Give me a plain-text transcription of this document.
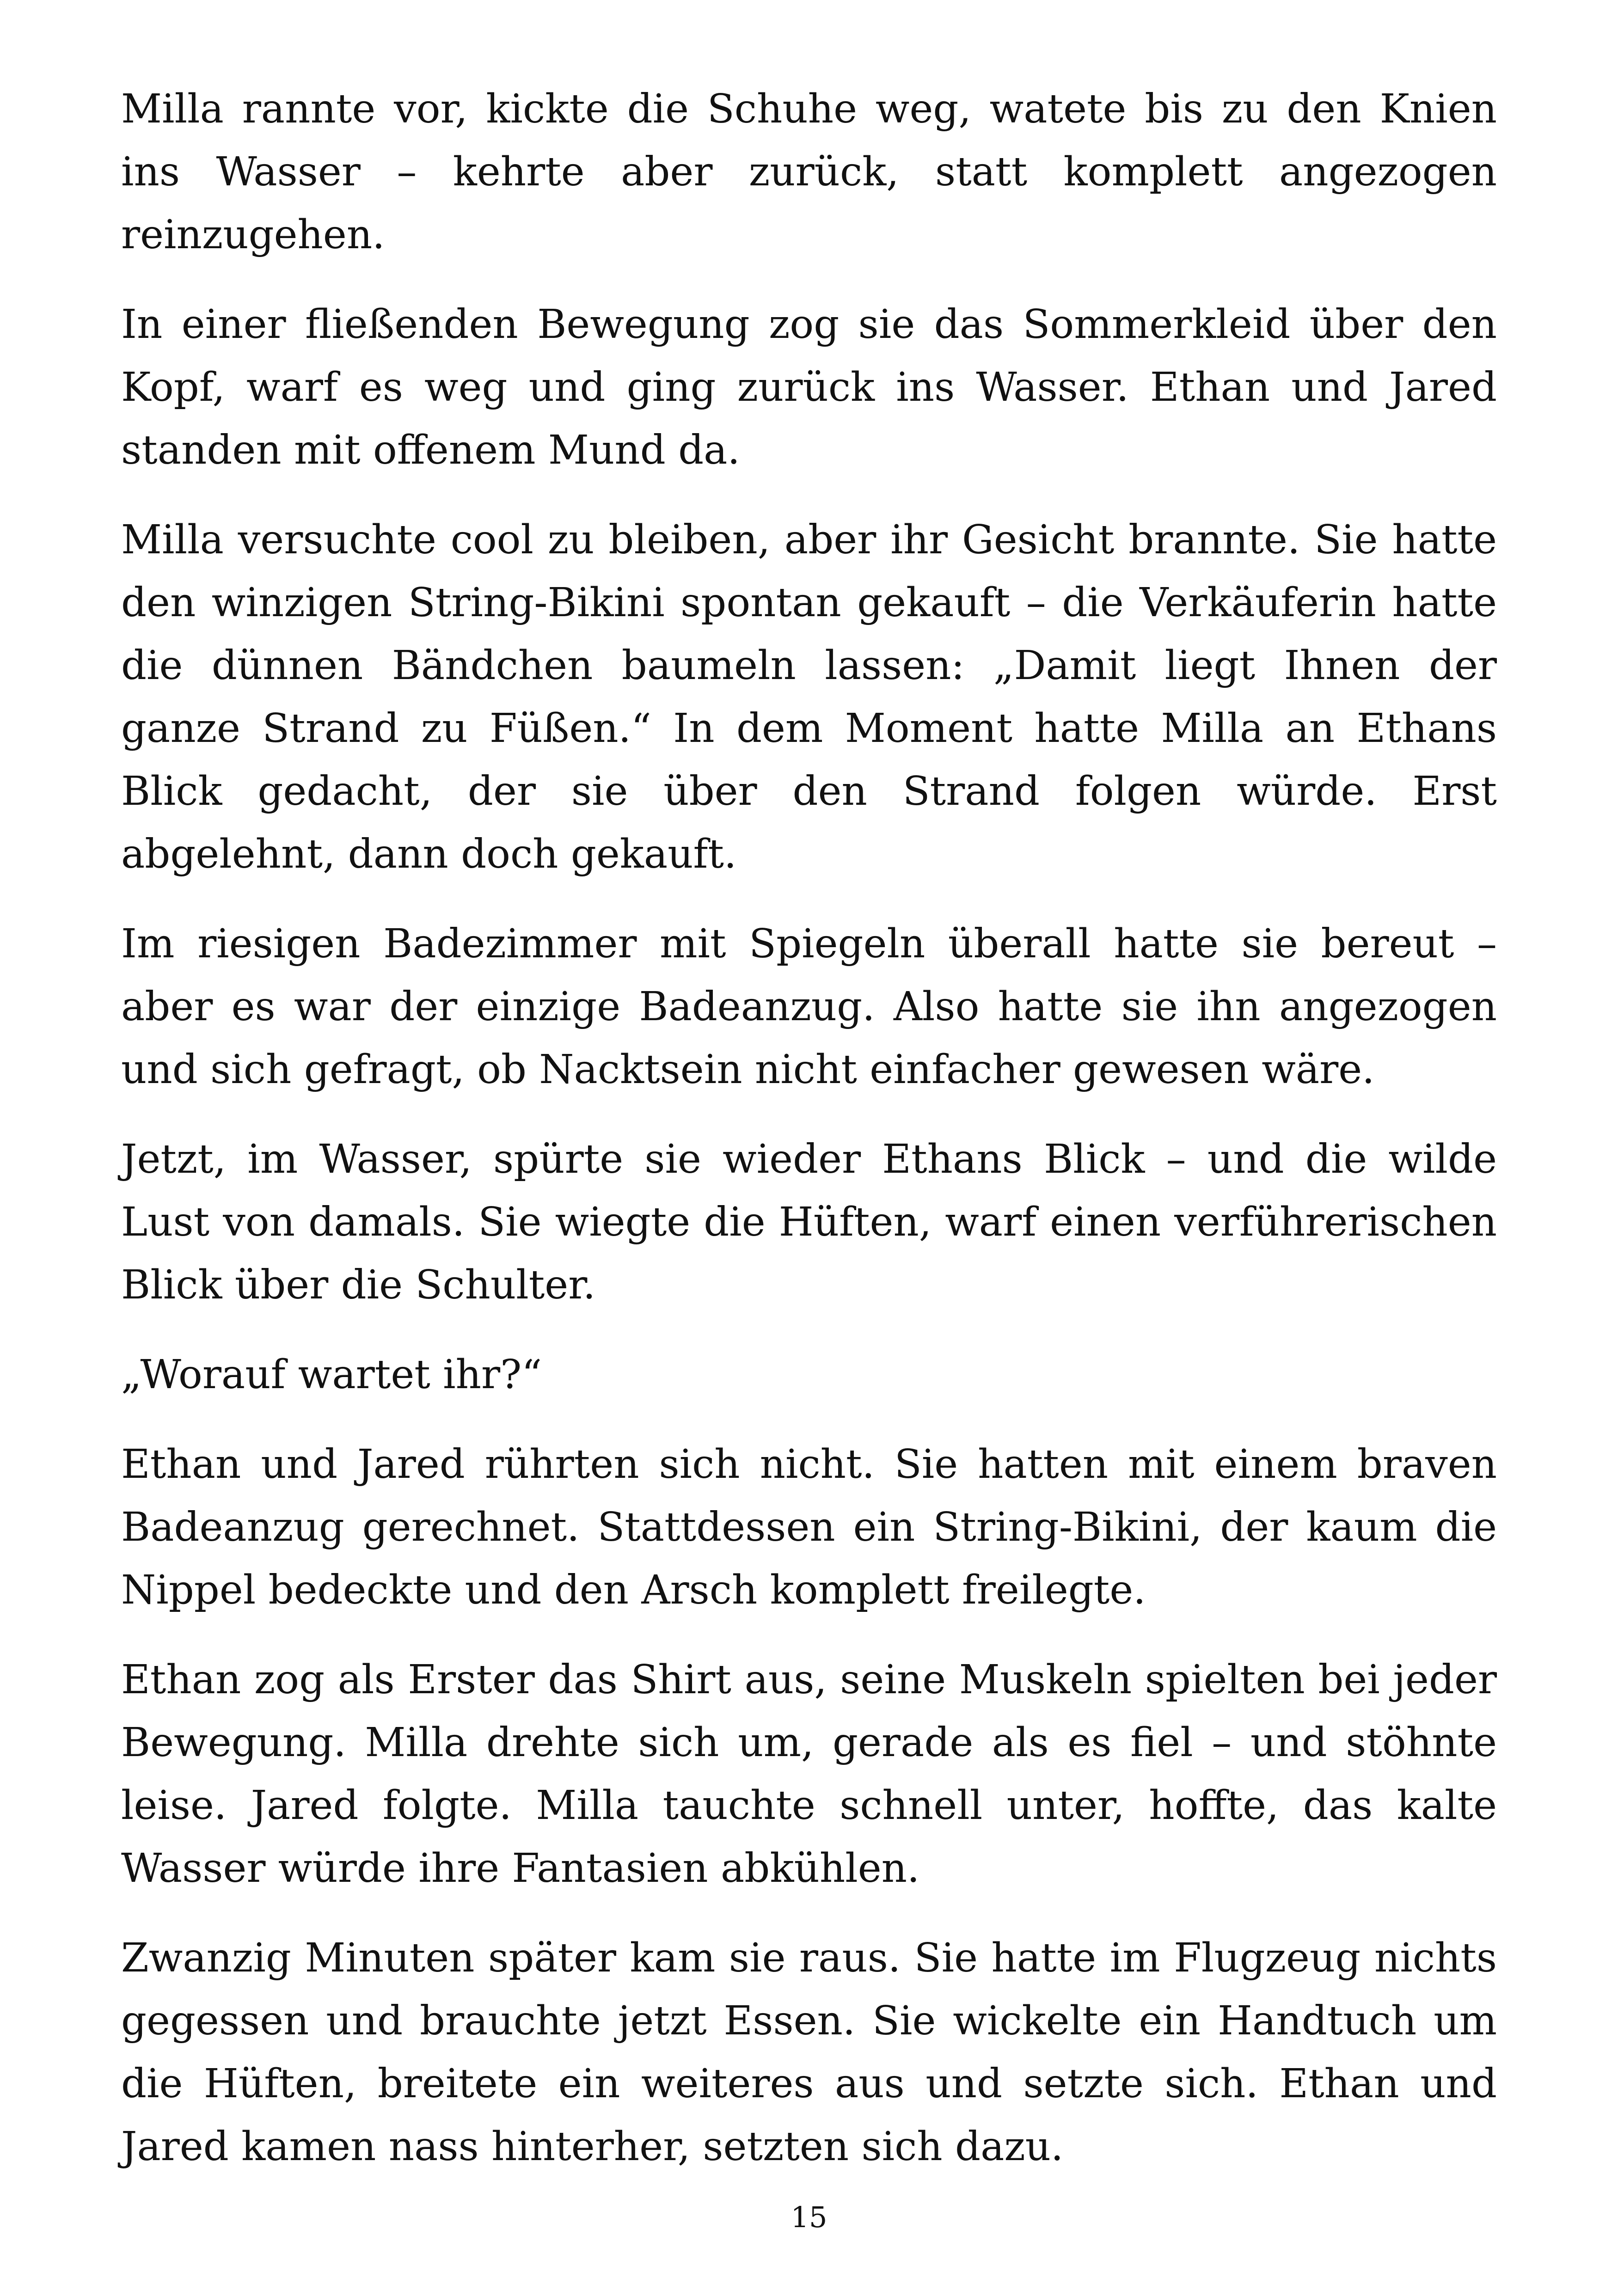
Milla rannte vor, kickte die Schuhe weg, watete bis zu den Knien ins Wasser – kehrte aber zurück, statt komplett angezogen reinzugehen.

In einer fließenden Bewegung zog sie das Sommerkleid über den Kopf, warf es weg und ging zurück ins Wasser. Ethan und Jared standen mit offenem Mund da.

Milla versuchte cool zu bleiben, aber ihr Gesicht brannte. Sie hatte den winzigen String-Bikini spontan gekauft – die Verkäuferin hatte die dünnen Bändchen baumeln lassen: „Damit liegt Ihnen der ganze Strand zu Füßen.“ In dem Moment hatte Milla an Ethans Blick gedacht, der sie über den Strand folgen würde. Erst abgelehnt, dann doch gekauft.

Im riesigen Badezimmer mit Spiegeln überall hatte sie bereut – aber es war der einzige Badeanzug. Also hatte sie ihn angezogen und sich gefragt, ob Nacktsein nicht einfacher gewesen wäre.

Jetzt, im Wasser, spürte sie wieder Ethans Blick – und die wilde Lust von damals. Sie wiegte die Hüften, warf einen verführerischen Blick über die Schulter.

„Worauf wartet ihr?“

Ethan und Jared rührten sich nicht. Sie hatten mit einem braven Badeanzug gerechnet. Stattdessen ein String-Bikini, der kaum die Nippel bedeckte und den Arsch komplett freilegte.

Ethan zog als Erster das Shirt aus, seine Muskeln spielten bei jeder Bewegung. Milla drehte sich um, gerade als es fiel – und stöhnte leise. Jared folgte. Milla tauchte schnell unter, hoffte, das kalte Wasser würde ihre Fantasien abkühlen.

Zwanzig Minuten später kam sie raus. Sie hatte im Flugzeug nichts gegessen und brauchte jetzt Essen. Sie wickelte ein Handtuch um die Hüften, breitete ein weiteres aus und setzte sich. Ethan und Jared kamen nass hinterher, setzten sich dazu.

15
